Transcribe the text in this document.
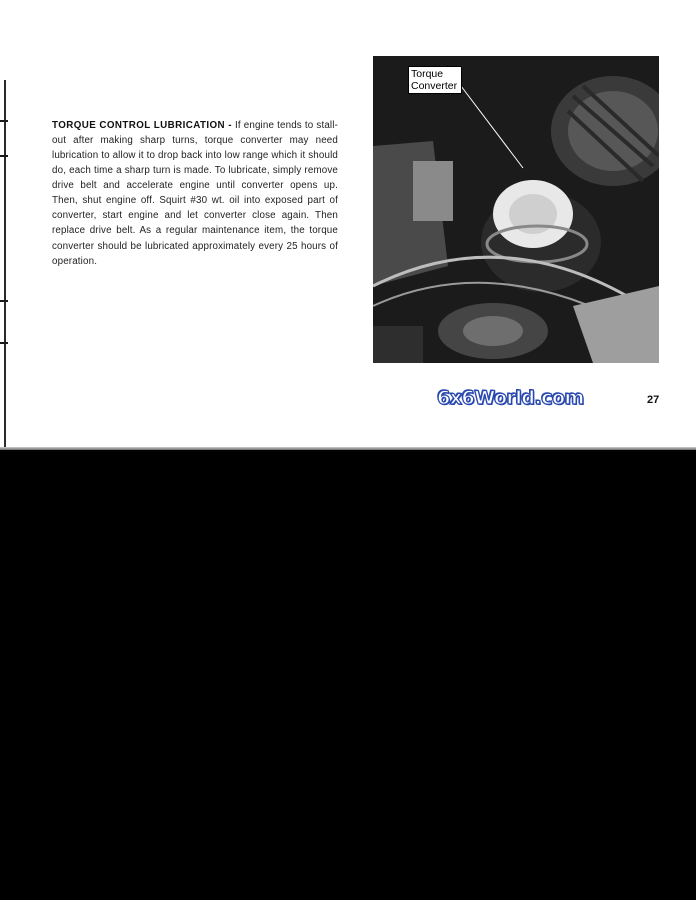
TORQUE CONTROL LUBRICATION - If engine tends to stall-out after making sharp turns, torque converter may need lubrication to allow it to drop back into low range which it should do, each time a sharp turn is made. To lubricate, simply remove drive belt and accelerate engine until converter opens up. Then, shut engine off. Squirt #30 wt. oil into exposed part of converter, start engine and let converter close again. Then replace drive belt. As a regular maintenance item, the torque converter should be lubricated approximately every 25 hours of operation.

Torque Converter
6x6World.com	27
